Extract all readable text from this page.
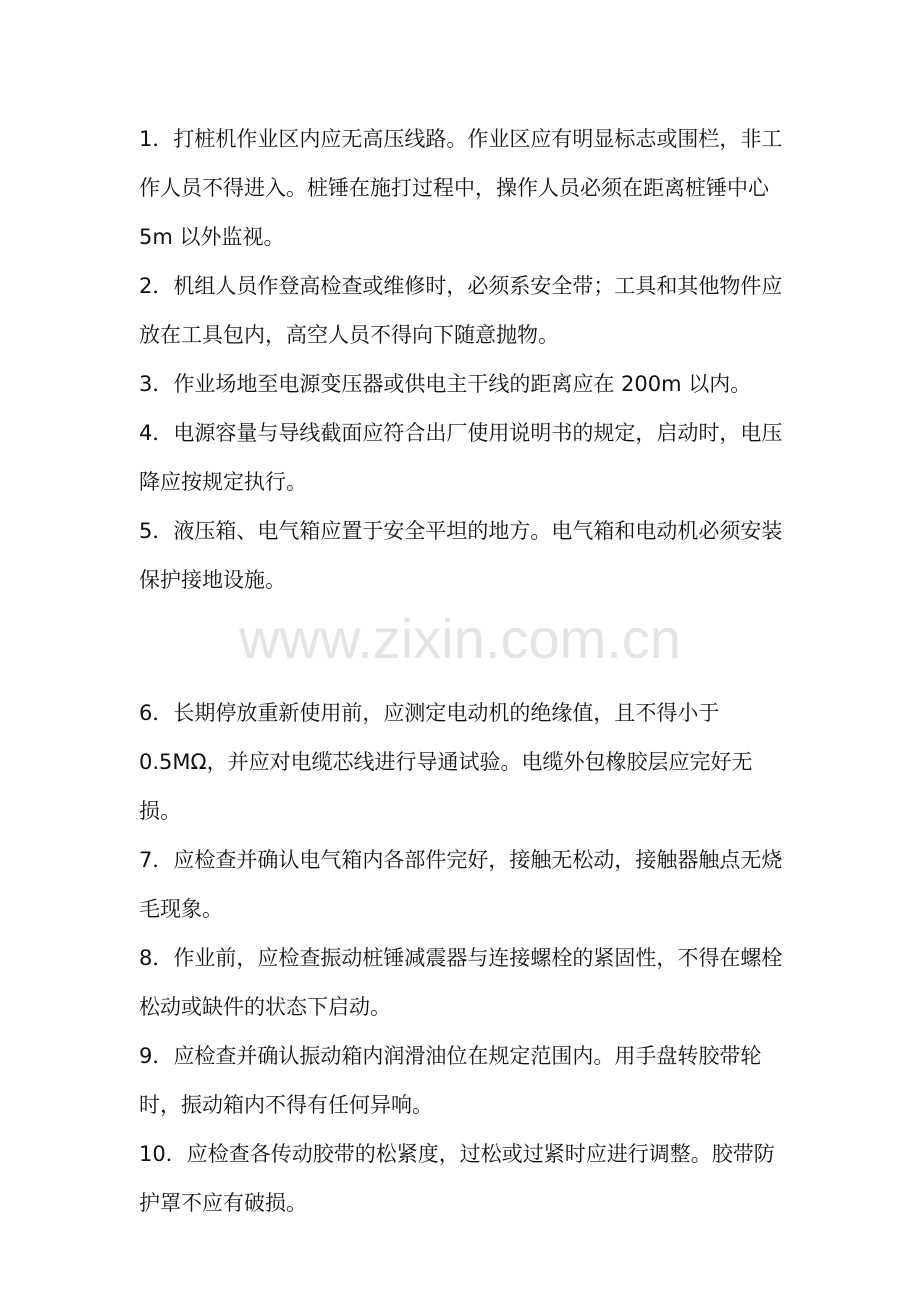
1．打桩机作业区内应无高压线路。作业区应有明显标志或围栏，非工作人员不得进入。桩锤在施打过程中，操作人员必须在距离桩锤中心 5m 以外监视。

2．机组人员作登高检查或维修时，必须系安全带；工具和其他物件应放在工具包内，高空人员不得向下随意抛物。

3．作业场地至电源变压器或供电主干线的距离应在 200m 以内。

4．电源容量与导线截面应符合出厂使用说明书的规定，启动时，电压降应按规定执行。

5．液压箱、电气箱应置于安全平坦的地方。电气箱和电动机必须安装保护接地设施。

6．长期停放重新使用前，应测定电动机的绝缘值，且不得小于 0.5MΩ，并应对电缆芯线进行导通试验。电缆外包橡胶层应完好无损。

7．应检查并确认电气箱内各部件完好，接触无松动，接触器触点无烧毛现象。

8．作业前，应检查振动桩锤减震器与连接螺栓的紧固性，不得在螺栓松动或缺件的状态下启动。

9．应检查并确认振动箱内润滑油位在规定范围内。用手盘转胶带轮时，振动箱内不得有任何异响。

10．应检查各传动胶带的松紧度，过松或过紧时应进行调整。胶带防护罩不应有破损。

www.zixin.com.cn
